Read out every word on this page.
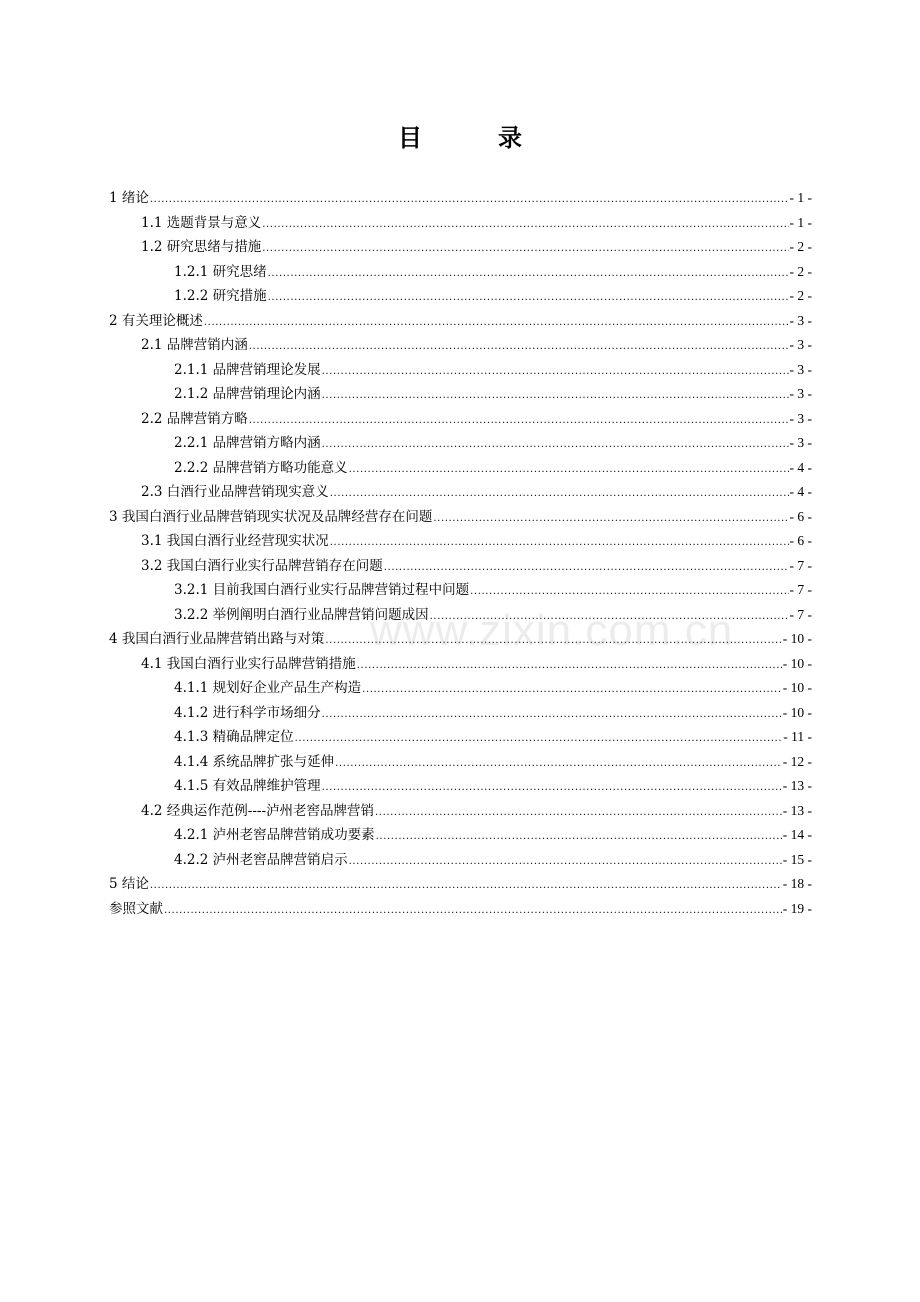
目　录
1 绪论 .....	- 1 -
1.1 选题背景与意义 .....	- 1 -
1.2 研究思绪与措施 .....	- 2 -
1.2.1 研究思绪 .....	- 2 -
1.2.2 研究措施 .....	- 2 -
2 有关理论概述 .....	- 3 -
2.1 品牌营销内涵 .....	- 3 -
2.1.1 品牌营销理论发展 .....	- 3 -
2.1.2 品牌营销理论内涵 .....	- 3 -
2.2 品牌营销方略 .....	- 3 -
2.2.1 品牌营销方略内涵 .....	- 3 -
2.2.2 品牌营销方略功能意义 .....	- 4 -
2.3 白酒行业品牌营销现实意义 .....	- 4 -
3 我国白酒行业品牌营销现实状况及品牌经营存在问题 .....	- 6 -
3.1 我国白酒行业经营现实状况 .....	- 6 -
3.2 我国白酒行业实行品牌营销存在问题 .....	- 7 -
3.2.1 目前我国白酒行业实行品牌营销过程中问题 .....	- 7 -
3.2.2 举例阐明白酒行业品牌营销问题成因 .....	- 7 -
4 我国白酒行业品牌营销出路与对策 .....	- 10 -
4.1 我国白酒行业实行品牌营销措施 .....	- 10 -
4.1.1 规划好企业产品生产构造 .....	- 10 -
4.1.2 进行科学市场细分 .....	- 10 -
4.1.3 精确品牌定位 .....	- 11 -
4.1.4 系统品牌扩张与延伸 .....	- 12 -
4.1.5 有效品牌维护管理 .....	- 13 -
4.2 经典运作范例----泸州老窖品牌营销 .....	- 13 -
4.2.1 泸州老窖品牌营销成功要素 .....	- 14 -
4.2.2 泸州老窖品牌营销启示 .....	- 15 -
5 结论 .....	- 18 -
参照文献 .....	- 19 -
www.zixin.com.cn
